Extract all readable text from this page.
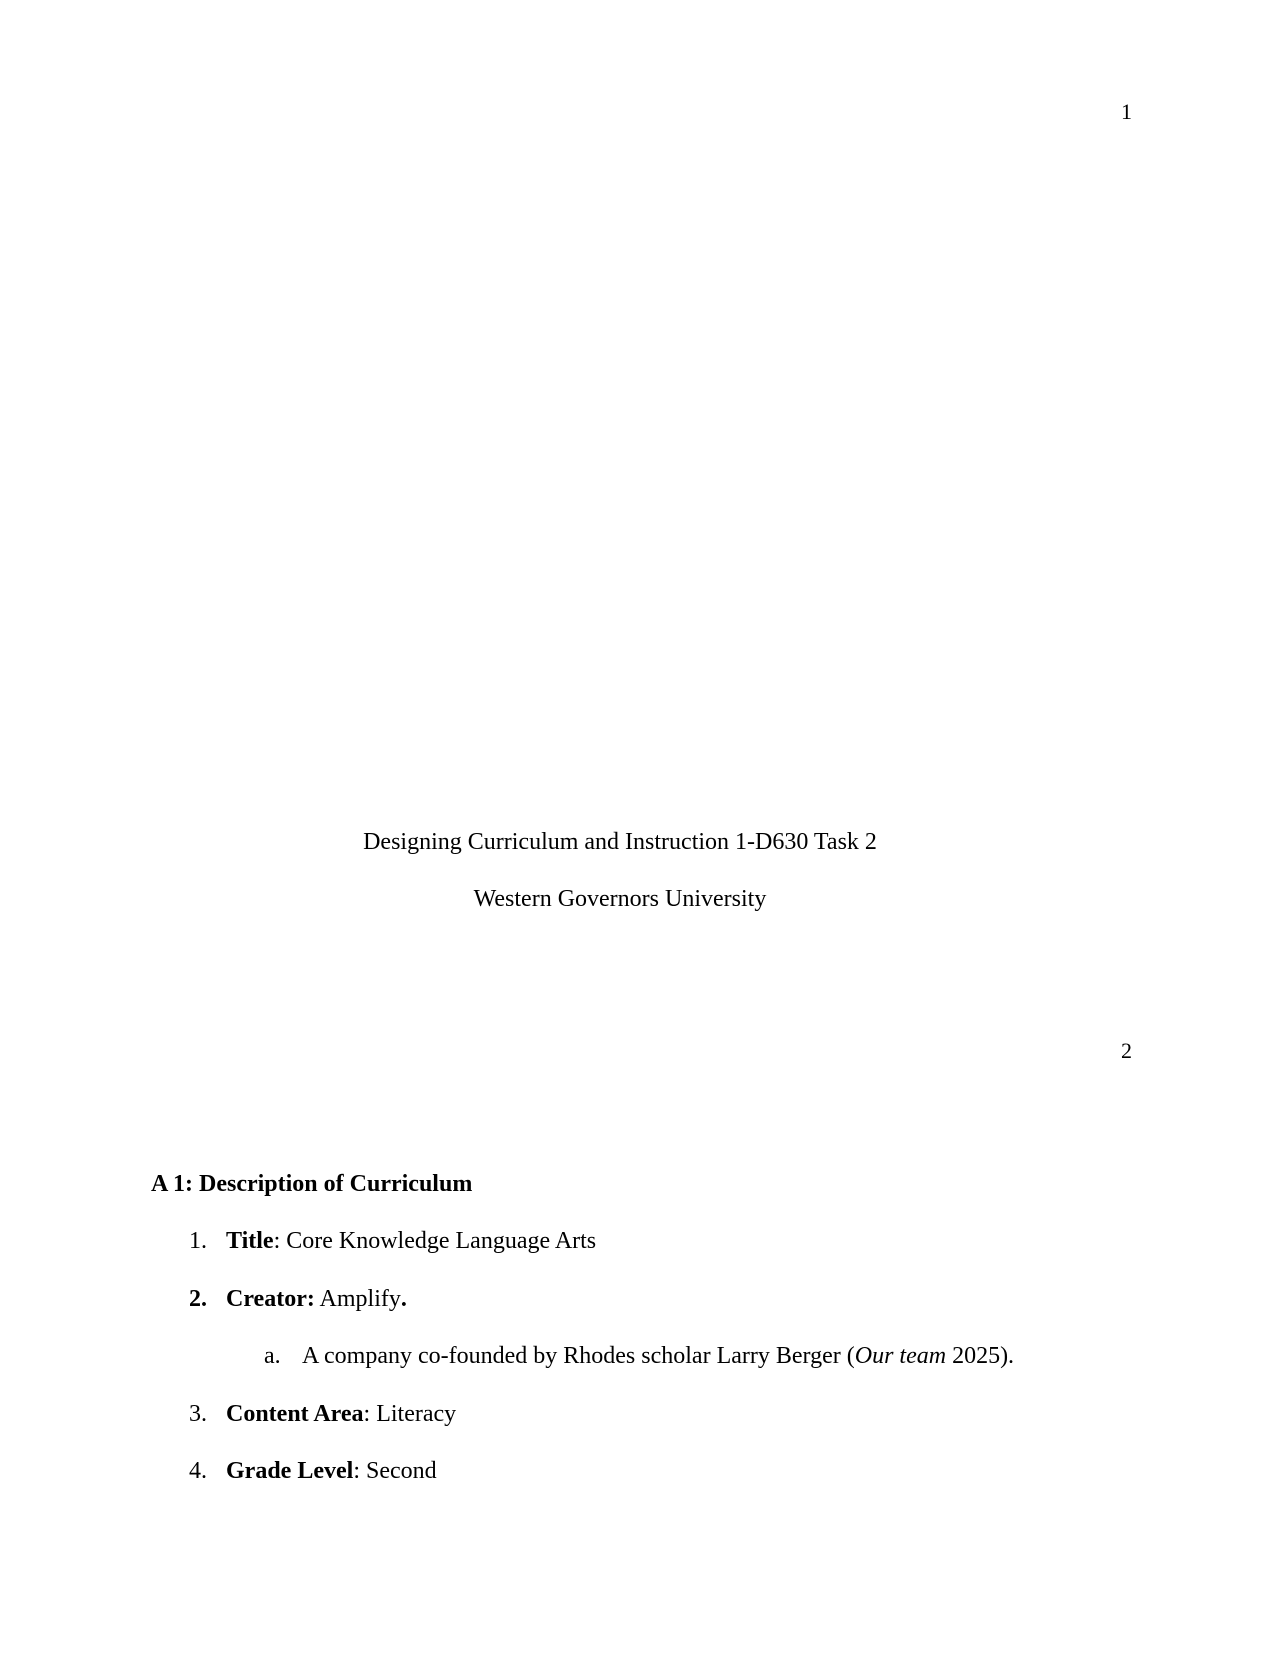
1
Designing Curriculum and Instruction 1-D630 Task 2
Western Governors University
2
A 1: Description of Curriculum
1. Title: Core Knowledge Language Arts
2. Creator: Amplify.
a. A company co-founded by Rhodes scholar Larry Berger (Our team 2025).
3. Content Area: Literacy
4. Grade Level: Second
